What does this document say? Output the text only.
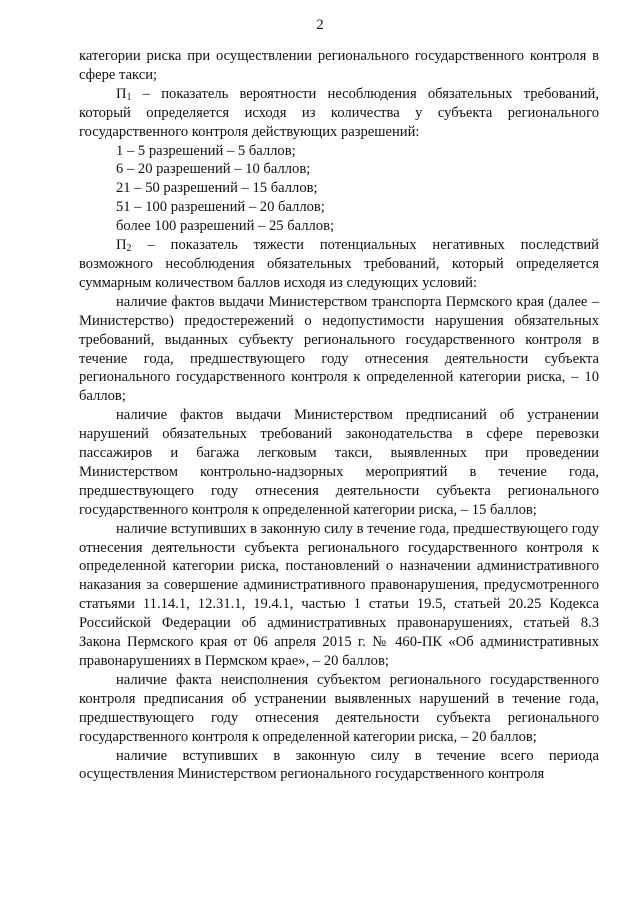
2

категории риска при осуществлении регионального государственного контроля в сфере такси;

$П_1$ – показатель вероятности несоблюдения обязательных требований, который определяется исходя из количества у субъекта регионального государственного контроля действующих разрешений:

1 – 5 разрешений – 5 баллов;

6 – 20 разрешений – 10 баллов;

21 – 50 разрешений – 15 баллов;

51 – 100 разрешений – 20 баллов;

более 100 разрешений – 25 баллов;

$П_2$ – показатель тяжести потенциальных негативных последствий возможного несоблюдения обязательных требований, который определяется суммарным количеством баллов исходя из следующих условий:

наличие фактов выдачи Министерством транспорта Пермского края (далее – Министерство) предостережений о недопустимости нарушения обязательных требований, выданных субъекту регионального государственного контроля в течение года, предшествующего году отнесения деятельности субъекта регионального государственного контроля к определенной категории риска, – 10 баллов;

наличие фактов выдачи Министерством предписаний об устранении нарушений обязательных требований законодательства в сфере перевозки пассажиров и багажа легковым такси, выявленных при проведении Министерством контрольно-надзорных мероприятий в течение года, предшествующего году отнесения деятельности субъекта регионального государственного контроля к определенной категории риска, – 15 баллов;

наличие вступивших в законную силу в течение года, предшествующего году отнесения деятельности субъекта регионального государственного контроля к определенной категории риска, постановлений о назначении административного наказания за совершение административного правонарушения, предусмотренного статьями 11.14.1, 12.31.1, 19.4.1, частью 1 статьи 19.5, статьей 20.25 Кодекса Российской Федерации об административных правонарушениях, статьей 8.3 Закона Пермского края от 06 апреля 2015 г. № 460-ПК «Об административных правонарушениях в Пермском крае», – 20 баллов;

наличие факта неисполнения субъектом регионального государственного контроля предписания об устранении выявленных нарушений в течение года, предшествующего году отнесения деятельности субъекта регионального государственного контроля к определенной категории риска, – 20 баллов;

наличие вступивших в законную силу в течение всего периода осуществления Министерством регионального государственного контроля
